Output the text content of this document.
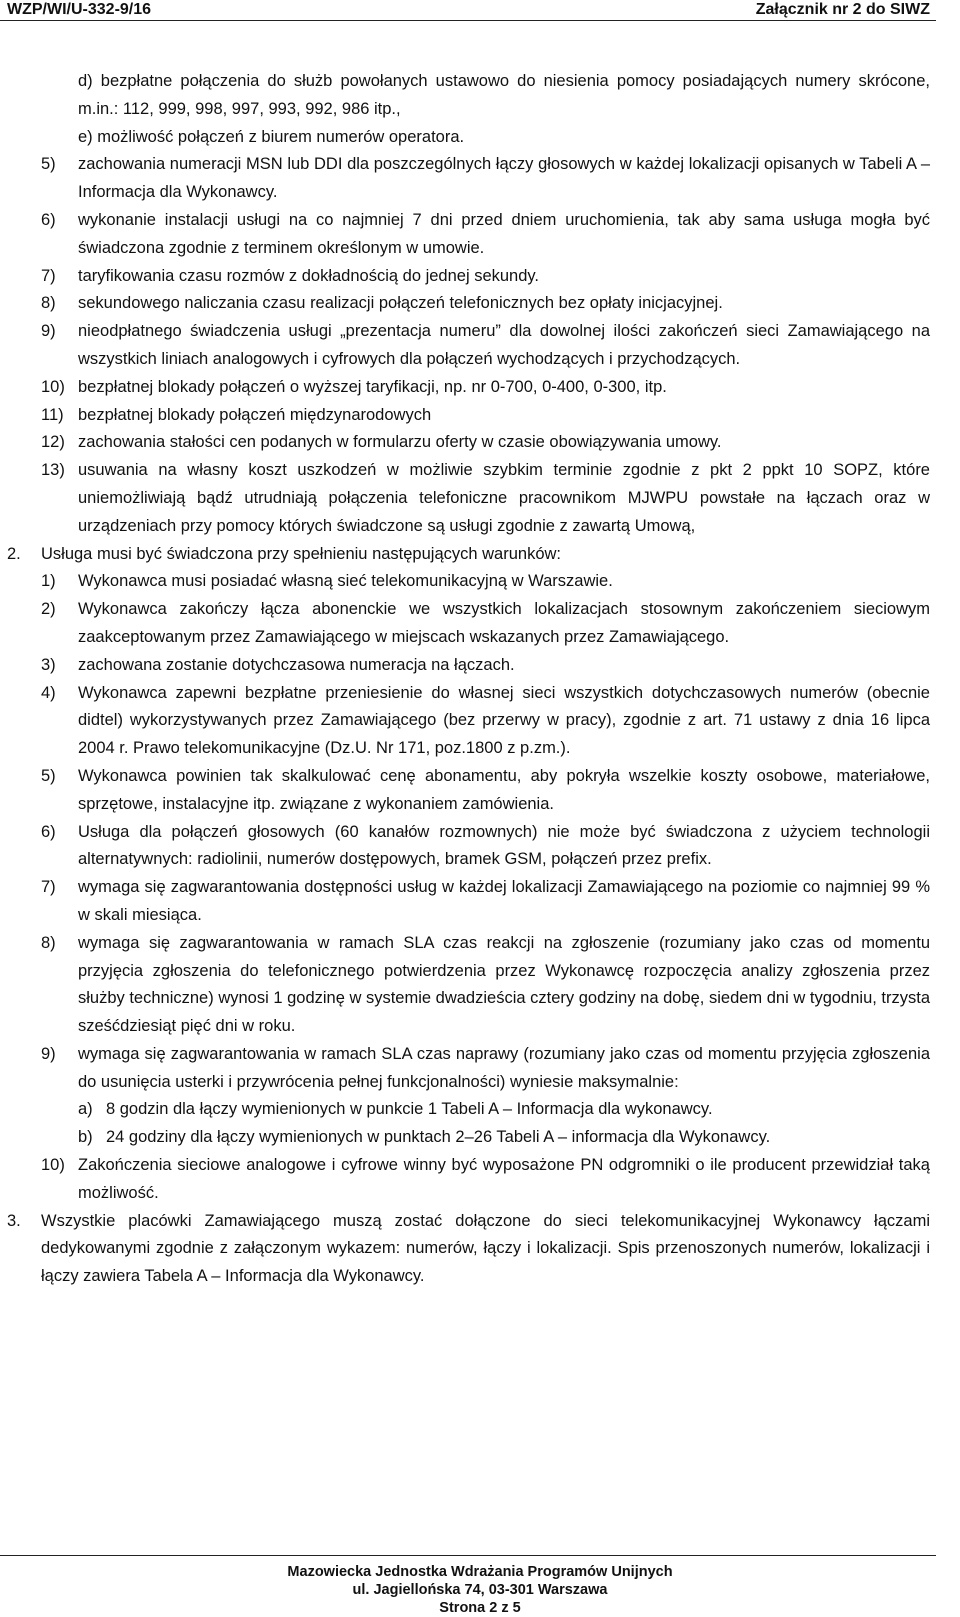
WZP/WI/U-332-9/16	Załącznik nr 2 do SIWZ
d) bezpłatne połączenia do służb powołanych ustawowo do niesienia pomocy posiadających numery skrócone, m.in.: 112, 999, 998, 997, 993, 992, 986 itp.,
e) możliwość połączeń z biurem numerów operatora.
5) zachowania numeracji MSN lub DDI dla poszczególnych łączy głosowych w każdej lokalizacji opisanych w Tabeli A – Informacja dla Wykonawcy.
6) wykonanie instalacji usługi na co najmniej 7 dni przed dniem uruchomienia, tak aby sama usługa mogła być świadczona zgodnie z terminem określonym w umowie.
7) taryfikowania czasu rozmów z dokładnością do jednej sekundy.
8) sekundowego naliczania czasu realizacji połączeń telefonicznych bez opłaty inicjacyjnej.
9) nieodpłatnego świadczenia usługi „prezentacja numeru” dla dowolnej ilości zakończeń sieci Zamawiającego na wszystkich liniach analogowych i cyfrowych dla połączeń wychodzących i przychodzących.
10) bezpłatnej blokady połączeń o wyższej taryfikacji, np. nr 0-700, 0-400, 0-300, itp.
11) bezpłatnej blokady połączeń międzynarodowych
12) zachowania stałości cen podanych w formularzu oferty w czasie obowiązywania umowy.
13) usuwania na własny koszt uszkodzeń w możliwie szybkim terminie zgodnie z pkt 2 ppkt 10 SOPZ, które uniemożliwiają bądź utrudniają połączenia telefoniczne pracownikom MJWPU powstałe na łączach oraz w urządzeniach przy pomocy których świadczone są usługi zgodnie z zawartą Umową,
2. Usługa musi być świadczona przy spełnieniu następujących warunków:
1) Wykonawca musi posiadać własną sieć telekomunikacyjną w Warszawie.
2) Wykonawca zakończy łącza abonenckie we wszystkich lokalizacjach stosownym zakończeniem sieciowym zaakceptowanym przez Zamawiającego w miejscach wskazanych przez Zamawiającego.
3) zachowana zostanie dotychczasowa numeracja na łączach.
4) Wykonawca zapewni bezpłatne przeniesienie do własnej sieci wszystkich dotychczasowych numerów (obecnie didtel) wykorzystywanych przez Zamawiającego (bez przerwy w pracy), zgodnie z art. 71 ustawy z dnia 16 lipca 2004 r. Prawo telekomunikacyjne (Dz.U. Nr 171, poz.1800 z p.zm.).
5) Wykonawca powinien tak skalkulować cenę abonamentu, aby pokryła wszelkie koszty osobowe, materiałowe, sprzętowe, instalacyjne itp. związane z wykonaniem zamówienia.
6) Usługa dla połączeń głosowych (60 kanałów rozmownych) nie może być świadczona z użyciem technologii alternatywnych: radiolinii, numerów dostępowych, bramek GSM, połączeń przez prefix.
7) wymaga się zagwarantowania dostępności usług w każdej lokalizacji Zamawiającego na poziomie co najmniej 99 % w skali miesiąca.
8) wymaga się zagwarantowania w ramach SLA czas reakcji na zgłoszenie (rozumiany jako czas od momentu przyjęcia zgłoszenia do telefonicznego potwierdzenia przez Wykonawcę rozpoczęcia analizy zgłoszenia przez służby techniczne) wynosi 1 godzinę w systemie dwadzieścia cztery godziny na dobę, siedem dni w tygodniu, trzysta sześćdziesiąt pięć dni w roku.
9) wymaga się zagwarantowania w ramach SLA czas naprawy (rozumiany jako czas od momentu przyjęcia zgłoszenia do usunięcia usterki i przywrócenia pełnej funkcjonalności) wyniesie maksymalnie:
a) 8 godzin dla łączy wymienionych w punkcie 1 Tabeli A – Informacja dla wykonawcy.
b) 24 godziny dla łączy wymienionych w punktach 2–26 Tabeli A – informacja dla Wykonawcy.
10) Zakończenia sieciowe analogowe i cyfrowe winny być wyposażone PN odgromniki o ile producent przewidział taką możliwość.
3. Wszystkie placówki Zamawiającego muszą zostać dołączone do sieci telekomunikacyjnej Wykonawcy łączami dedykowanymi zgodnie z załączonym wykazem: numerów, łączy i lokalizacji. Spis przenoszonych numerów, lokalizacji i łączy zawiera Tabela A – Informacja dla Wykonawcy.
Mazowiecka Jednostka Wdrażania Programów Unijnych
ul. Jagiellońska 74, 03-301 Warszawa
Strona 2 z 5
